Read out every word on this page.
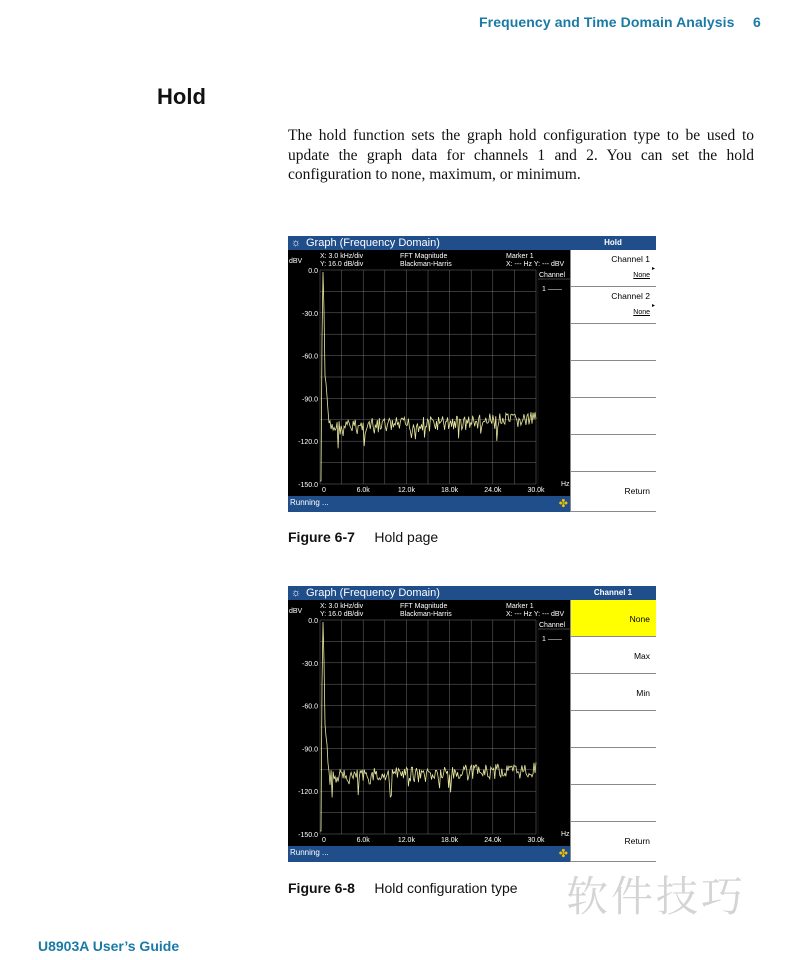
Frequency and Time Domain Analysis 6
Hold
The hold function sets the graph hold configuration type to be used to update the graph data for channels 1 and 2. You can set the hold configuration to none, maximum, or minimum.
☼ Graph (Frequency Domain)
dBV
X: 3.0 kHz/div
Y: 16.0 dB/div
FFT Magnitude
Blackman-Harris
Marker 1
X: --- Hz Y: --- dBV
Channel
1 ——
0.0
-30.0
-60.0
-90.0
-120.0
-150.0
0	6.0k	12.0k	18.0k	24.0k	30.0k
Hz
Running ...	✤
Hold
Channel 1
None
▸
Channel 2
None
▸
Return
Figure 6-7 Hold page
☼ Graph (Frequency Domain)
dBV
X: 3.0 kHz/div
Y: 16.0 dB/div
FFT Magnitude
Blackman-Harris
Marker 1
X: --- Hz Y: --- dBV
Channel
1 ——
0.0
-30.0
-60.0
-90.0
-120.0
-150.0
0	6.0k	12.0k	18.0k	24.0k	30.0k
Hz
Running ...	✤
Channel 1
None
Max
Min
Return
Figure 6-8 Hold configuration type 软件技巧
U8903A User’s Guide
